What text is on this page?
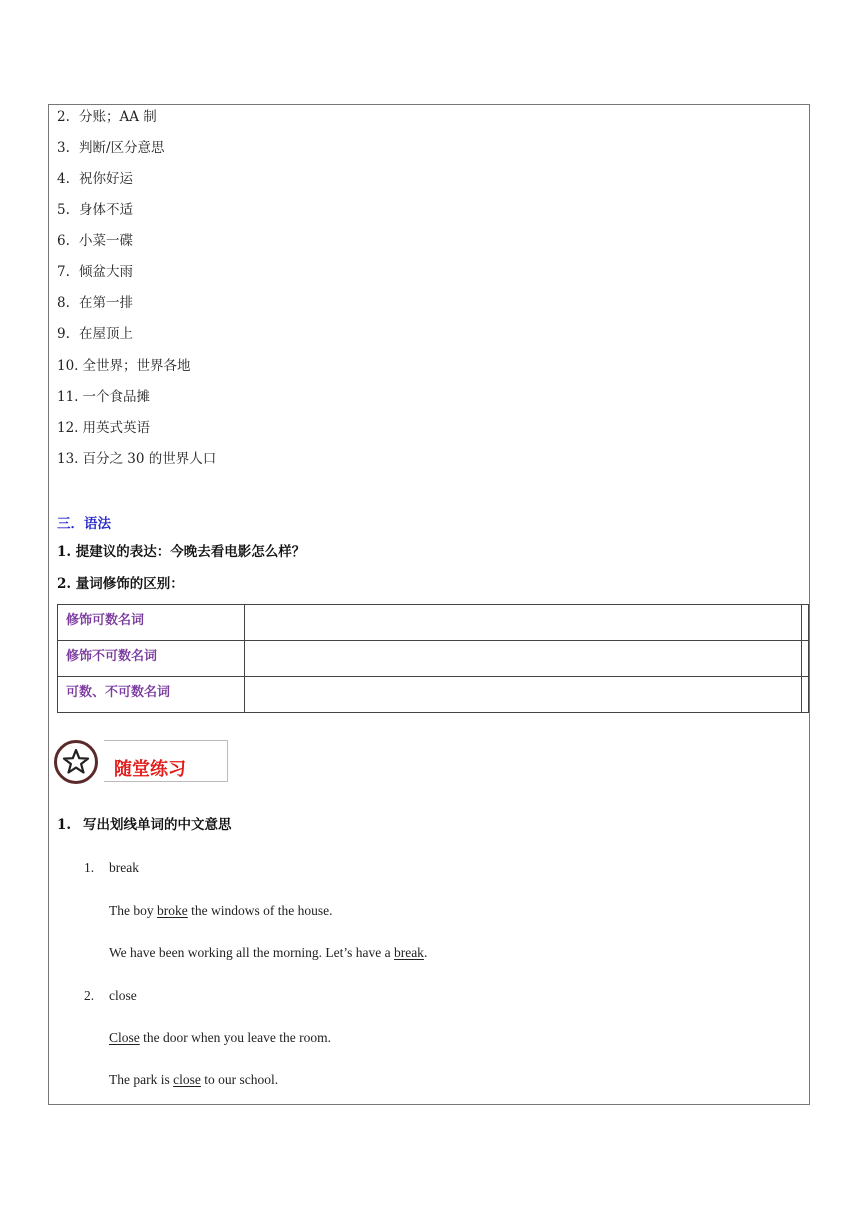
2. 分账；AA 制
3. 判断/区分意思
4. 祝你好运
5. 身体不适
6. 小菜一碟
7. 倾盆大雨
8. 在第一排
9. 在屋顶上
10. 全世界；世界各地
11. 一个食品摊
12. 用英式英语
13. 百分之 30 的世界人口
三．语法
1. 提建议的表达：今晚去看电影怎么样？
2. 量词修饰的区别：
修饰可数名词		
修饰不可数名词		
可数、不可数名词		
随堂练习
1. 写出划线单词的中文意思
1. break
The boy broke the windows of the house.
We have been working all the morning. Let’s have a break.
2. close
Close the door when you leave the room.
The park is close to our school.
